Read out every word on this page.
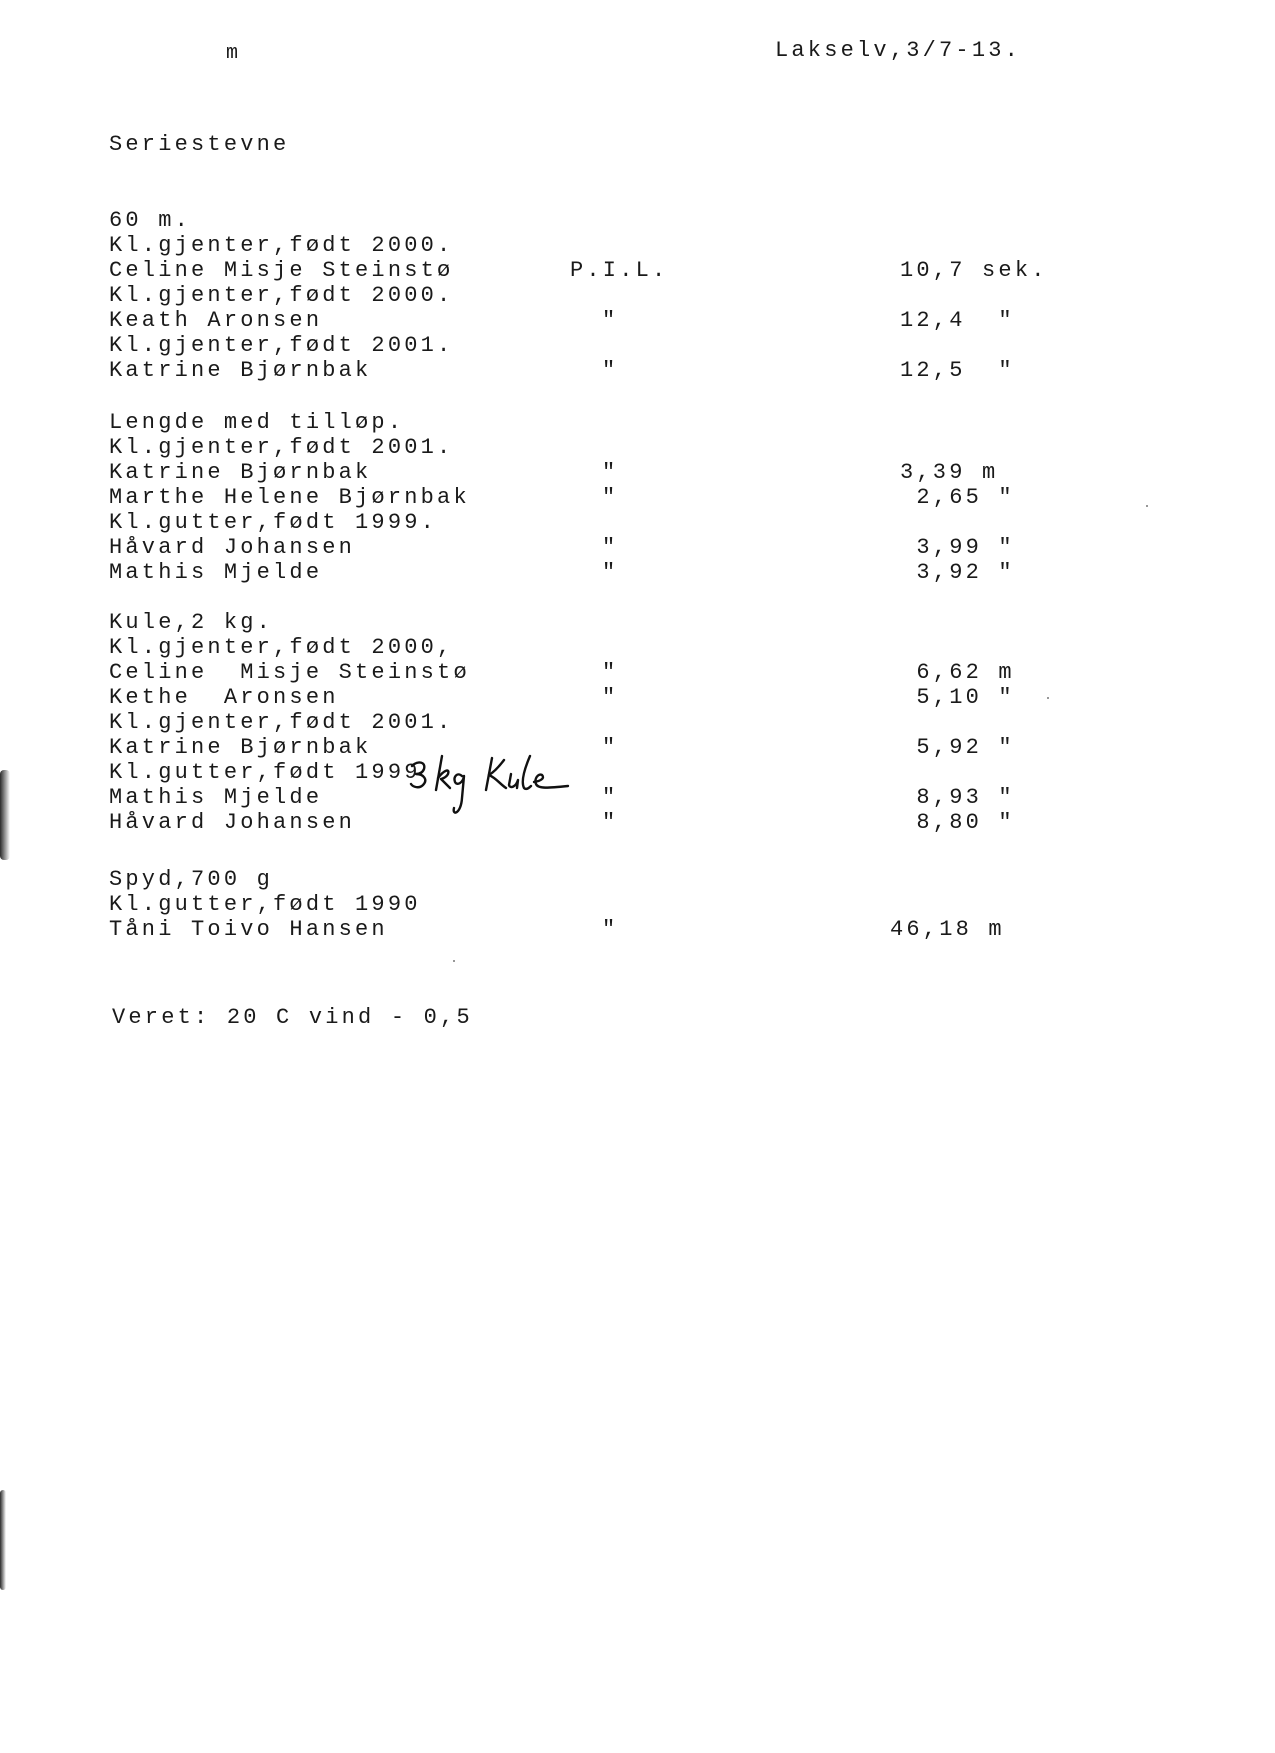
m	Lakselv,3/7-13.
Seriestevne
60 m.
Kl.gjenter,født 2000.
Celine Misje Steinstø	P.I.L.	10,7 sek.
Kl.gjenter,født 2000.
Keath Aronsen	"	12,4  "
Kl.gjenter,født 2001.
Katrine Bjørnbak	"	12,5  "
Lengde med tilløp.
Kl.gjenter,født 2001.
Katrine Bjørnbak	"	3,39 m
Marthe Helene Bjørnbak	"	2,65 "
Kl.gutter,født 1999.
Håvard Johansen	"	3,99 "
Mathis Mjelde	"	3,92 "
Kule,2 kg.
Kl.gjenter,født 2000,
Celine  Misje Steinstø	"	6,62 m
Kethe  Aronsen	"	5,10 "
Kl.gjenter,født 2001.
Katrine Bjørnbak	"	5,92 "
Kl.gutter,født 1999
Mathis Mjelde	"	8,93 "
Håvard Johansen	"	8,80 "
Spyd,700 g
Kl.gutter,født 1990
Tåni Toivo Hansen	"	46,18 m
Veret: 20 C vind - 0,5
